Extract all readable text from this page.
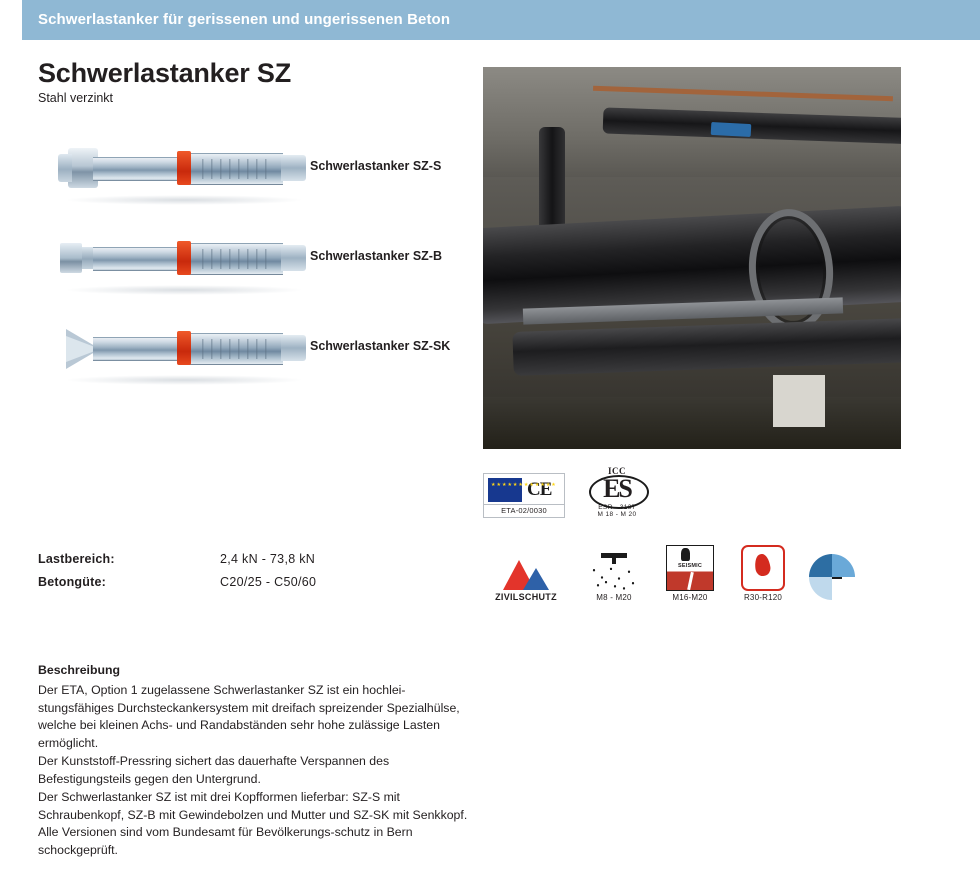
Schwerlastanker für gerissenen und ungerissenen Beton
Schwerlastanker SZ
Stahl verzinkt
Schwerlastanker SZ-S
Schwerlastanker SZ-B
Schwerlastanker SZ-SK
Lastbereich:	2,4 kN - 73,8 kN
Betongüte:	C20/25 - C50/60
Beschreibung

Der ETA, Option 1 zugelassene Schwerlastanker SZ ist ein hochlei-stungsfähiges Durchsteckankersystem mit dreifach spreizender Spezialhülse, welche bei kleinen Achs- und Randabständen sehr hohe zulässige Lasten ermöglicht.

Der Kunststoff-Pressring sichert das dauerhafte Verspannen des Befestigungsteils gegen den Untergrund.

Der Schwerlastanker SZ ist mit drei Kopfformen lieferbar: SZ-S mit Schraubenkopf, SZ-B mit Gewindebolzen und Mutter und SZ-SK mit Senkkopf. Alle Versionen sind vom Bundesamt für Bevölkerungs-schutz in Bern schockgeprüft.

★★★★★★★★★★★★
CE
ETA-02/0030
ICC
ES
ESR - 3137
M 18 - M 20
ZIVILSCHUTZ	M8 - M20
SEISMIC
M16-M20	R30-R120
